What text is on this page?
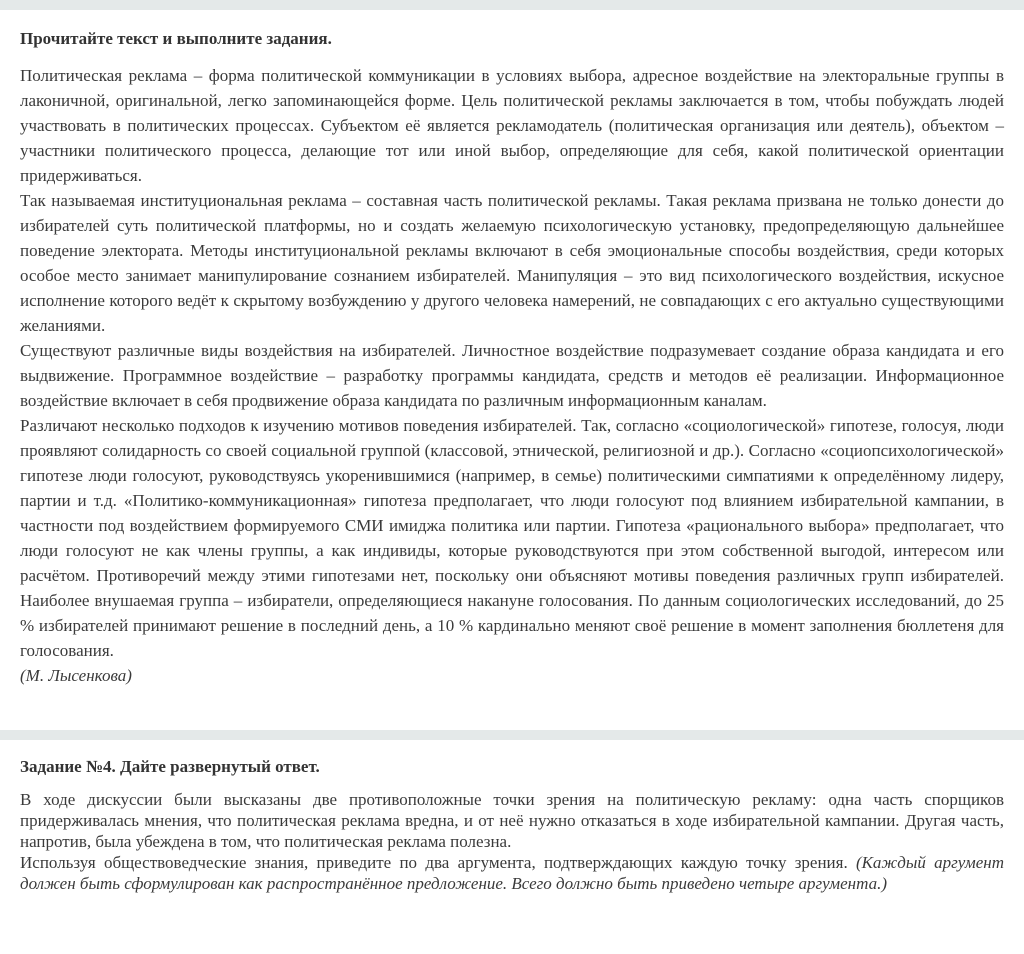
Прочитайте текст и выполните задания.

Политическая реклама – форма политической коммуникации в условиях выбора, адресное воздействие на электоральные группы в лаконичной, оригинальной, легко запоминающейся форме. Цель политической рекламы заключается в том, чтобы побуждать людей участвовать в политических процессах. Субъектом её является рекламодатель (политическая организация или деятель), объектом – участники политического процесса, делающие тот или иной выбор, определяющие для себя, какой политической ориентации придерживаться.

Так называемая институциональная реклама – составная часть политической рекламы. Такая реклама призвана не только донести до избирателей суть политической платформы, но и создать желаемую психологическую установку, предопределяющую дальнейшее поведение электората. Методы институциональной рекламы включают в себя эмоциональные способы воздействия, среди которых особое место занимает манипулирование сознанием избирателей. Манипуляция – это вид психологического воздействия, искусное исполнение которого ведёт к скрытому возбуждению у другого человека намерений, не совпадающих с его актуально существующими желаниями.

Существуют различные виды воздействия на избирателей. Личностное воздействие подразумевает создание образа кандидата и его выдвижение. Программное воздействие – разработку программы кандидата, средств и методов её реализации. Информационное воздействие включает в себя продвижение образа кандидата по различным информационным каналам.

Различают несколько подходов к изучению мотивов поведения избирателей. Так, согласно «социологической» гипотезе, голосуя, люди проявляют солидарность со своей социальной группой (классовой, этнической, религиозной и др.). Согласно «социопсихологической» гипотезе люди голосуют, руководствуясь укоренившимися (например, в семье) политическими симпатиями к определённому лидеру, партии и т.д. «Политико-коммуникационная» гипотеза предполагает, что люди голосуют под влиянием избирательной кампании, в частности под воздействием формируемого СМИ имиджа политика или партии. Гипотеза «рационального выбора» предполагает, что люди голосуют не как члены группы, а как индивиды, которые руководствуются при этом собственной выгодой, интересом или расчётом. Противоречий между этими гипотезами нет, поскольку они объясняют мотивы поведения различных групп избирателей. Наиболее внушаемая группа – избиратели, определяющиеся накануне голосования. По данным социологических исследований, до 25 % избирателей принимают решение в последний день, а 10 % кардинально меняют своё решение в момент заполнения бюллетеня для голосования.

(М. Лысенкова)

Задание №4. Дайте развернутый ответ.

В ходе дискуссии были высказаны две противоположные точки зрения на политическую рекламу: одна часть спорщиков придерживалась мнения, что политическая реклама вредна, и от неё нужно отказаться в ходе избирательной кампании. Другая часть, напротив, была убеждена в том, что политическая реклама полезна.

Используя обществоведческие знания, приведите по два аргумента, подтверждающих каждую точку зрения. (Каждый аргумент должен быть сформулирован как распространённое предложение. Всего должно быть приведено четыре аргумента.)
